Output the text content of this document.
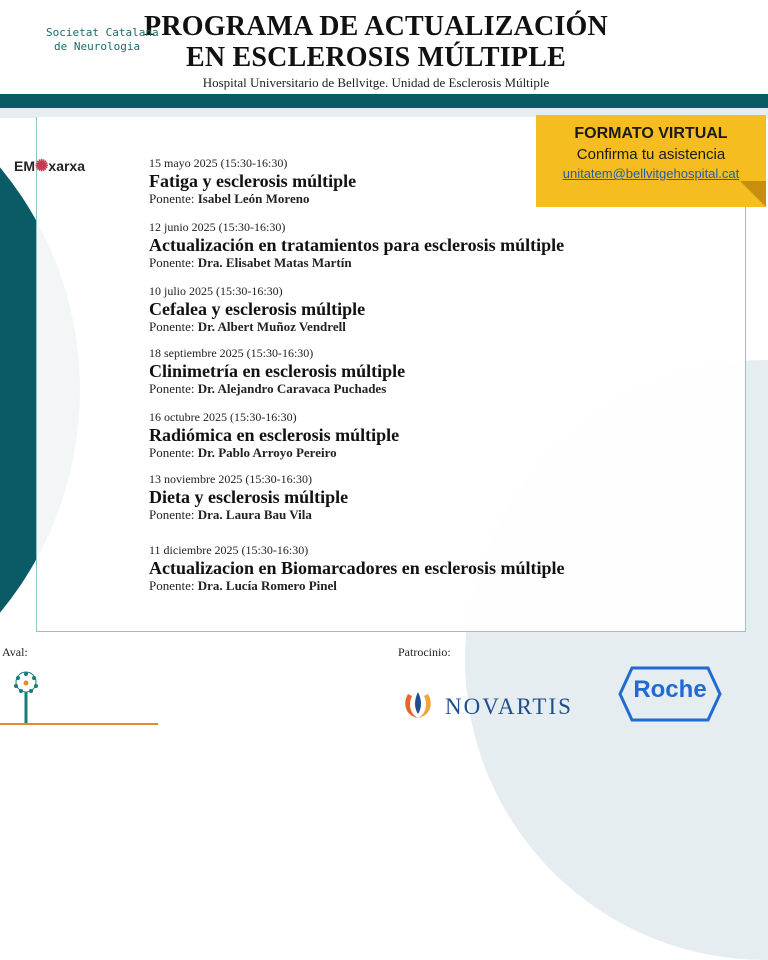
PROGRAMA DE ACTUALIZACIÓN
EN ESCLEROSIS MÚLTIPLE
Hospital Universitario de Bellvitge. Unidad de Esclerosis Múltiple
EM✺xarxa
FORMATO VIRTUAL
Confirma tu asistencia
unitatem@bellvitgehospital.cat
15 mayo 2025 (15:30-16:30)
Fatiga y esclerosis múltiple
Ponente: Isabel León Moreno
12 junio 2025 (15:30-16:30)
Actualización en tratamientos para esclerosis múltiple
Ponente: Dra. Elisabet Matas Martín
10 julio 2025 (15:30-16:30)
Cefalea y esclerosis múltiple
Ponente: Dr. Albert Muñoz Vendrell
18 septiembre 2025 (15:30-16:30)
Clinimetría en esclerosis múltiple
Ponente: Dr. Alejandro Caravaca Puchades
16 octubre 2025 (15:30-16:30)
Radiómica en esclerosis múltiple
Ponente: Dr. Pablo Arroyo Pereiro
13 noviembre 2025 (15:30-16:30)
Dieta y esclerosis múltiple
Ponente: Dra. Laura Bau Vila
11 diciembre 2025 (15:30-16:30)
Actualizacion en Biomarcadores en esclerosis múltiple
Ponente: Dra. Lucía Romero Pinel
Aval:	Patrocinio:
Societat Catalana
de Neurologia
NOVARTIS
Roche
